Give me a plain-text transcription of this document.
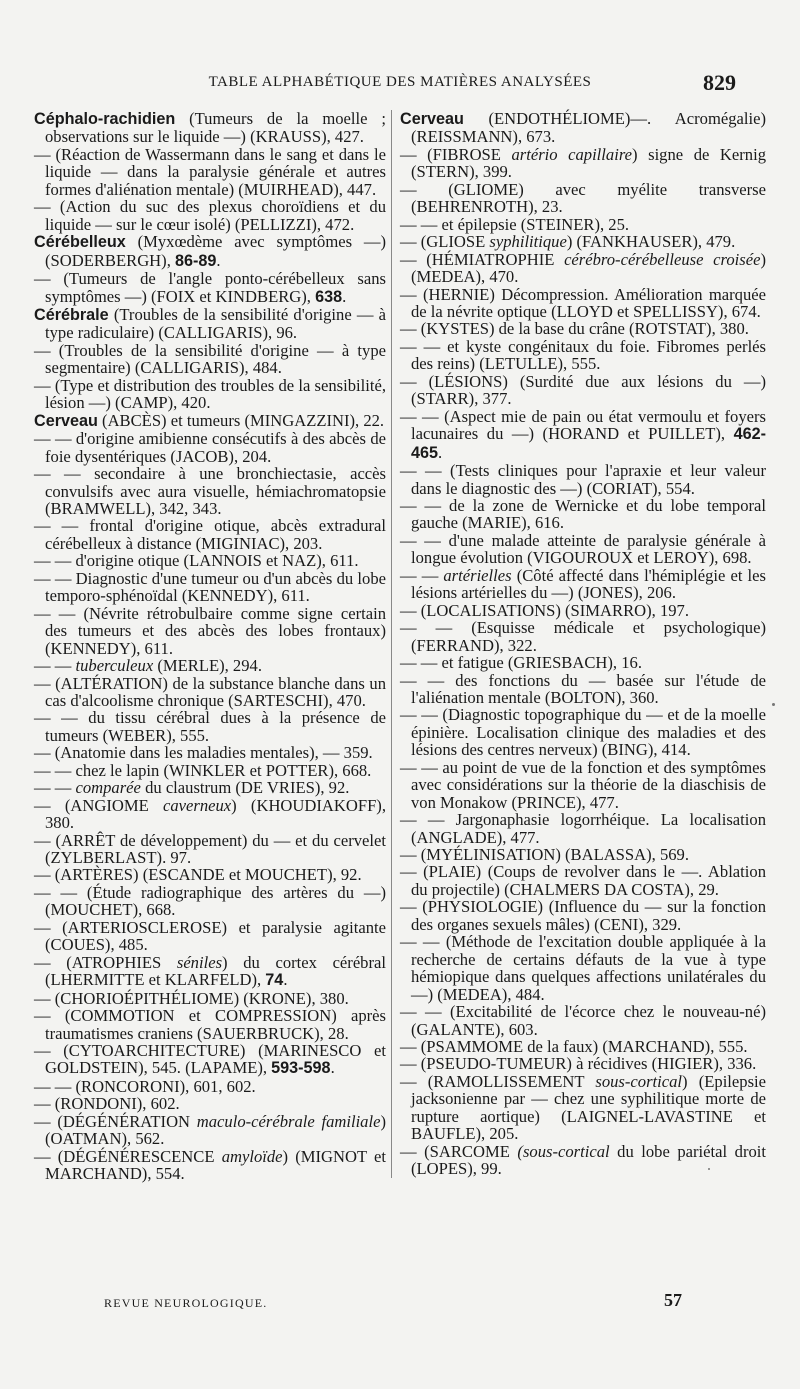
TABLE ALPHABÉTIQUE DES MATIÈRES ANALYSÉES	829

Céphalo-rachidien (Tumeurs de la moelle ; observations sur le liquide —) (KRAUSS), 427.

— (Réaction de Wassermann dans le sang et dans le liquide — dans la paralysie générale et autres formes d'aliénation mentale) (MUIRHEAD), 447.

— (Action du suc des plexus choroïdiens et du liquide — sur le cœur isolé) (PELLIZZI), 472.

Cérébelleux (Myxœdème avec symptômes —) (SODERBERGH), 86-89.

— (Tumeurs de l'angle ponto-cérébelleux sans symptômes —) (FOIX et KINDBERG), 638.

Cérébrale (Troubles de la sensibilité d'origine — à type radiculaire) (CALLIGARIS), 96.

— (Troubles de la sensibilité d'origine — à type segmentaire) (CALLIGARIS), 484.

— (Type et distribution des troubles de la sensibilité, lésion —) (CAMP), 420.

Cerveau (ABCÈS) et tumeurs (MINGAZZINI), 22.

— — d'origine amibienne consécutifs à des abcès de foie dysentériques (JACOB), 204.

— — secondaire à une bronchiectasie, accès convulsifs avec aura visuelle, hémiachromatopsie (BRAMWELL), 342, 343.

— — frontal d'origine otique, abcès extradural cérébelleux à distance (MIGINIAC), 203.

— — d'origine otique (LANNOIS et NAZ), 611.

— — Diagnostic d'une tumeur ou d'un abcès du lobe temporo-sphénoïdal (KENNEDY), 611.

— — (Névrite rétrobulbaire comme signe certain des tumeurs et des abcès des lobes frontaux) (KENNEDY), 611.

— — tuberculeux (MERLE), 294.

— (ALTÉRATION) de la substance blanche dans un cas d'alcoolisme chronique (SARTESCHI), 470.

— — du tissu cérébral dues à la présence de tumeurs (WEBER), 555.

— (Anatomie dans les maladies mentales), — 359.

— — chez le lapin (WINKLER et POTTER), 668.

— — comparée du claustrum (DE VRIES), 92.

— (ANGIOME caverneux) (KHOUDIAKOFF), 380.

— (ARRÊT de développement) du — et du cervelet (ZYLBERLAST). 97.

— (ARTÈRES) (ESCANDE et MOUCHET), 92.

— — (Étude radiographique des artères du —) (MOUCHET), 668.

— (ARTERIOSCLEROSE) et paralysie agitante (COUES), 485.

— (ATROPHIES séniles) du cortex cérébral (LHERMITTE et KLARFELD), 74.

— (CHORIOÉPITHÉLIOME) (KRONE), 380.

— (COMMOTION et COMPRESSION) après traumatismes craniens (SAUERBRUCK), 28.

— (CYTOARCHITECTURE) (MARINESCO et GOLDSTEIN), 545. (LAPAME), 593-598.

— — (RONCORONI), 601, 602.

— (RONDONI), 602.

— (DÉGÉNÉRATION maculo-cérébrale familiale) (OATMAN), 562.

— (DÉGÉNÉRESCENCE amyloïde) (MIGNOT et MARCHAND), 554.

Cerveau (ENDOTHÉLIOME)—. Acromégalie) (REISSMANN), 673.

— (FIBROSE artério capillaire) signe de Kernig (STERN), 399.

— (GLIOME) avec myélite transverse (BEHRENROTH), 23.

— — et épilepsie (STEINER), 25.

— (GLIOSE syphilitique) (FANKHAUSER), 479.

— (HÉMIATROPHIE cérébro-cérébelleuse croisée) (MEDEA), 470.

— (HERNIE) Décompression. Amélioration marquée de la névrite optique (LLOYD et SPELLISSY), 674.

— (KYSTES) de la base du crâne (ROTSTAT), 380.

— — et kyste congénitaux du foie. Fibromes perlés des reins) (LETULLE), 555.

— (LÉSIONS) (Surdité due aux lésions du —) (STARR), 377.

— — (Aspect mie de pain ou état vermoulu et foyers lacunaires du —) (HORAND et PUILLET), 462-465.

— — (Tests cliniques pour l'apraxie et leur valeur dans le diagnostic des —) (CORIAT), 554.

— — de la zone de Wernicke et du lobe temporal gauche (MARIE), 616.

— — d'une malade atteinte de paralysie générale à longue évolution (VIGOUROUX et LEROY), 698.

— — artérielles (Côté affecté dans l'hémiplégie et les lésions artérielles du —) (JONES), 206.

— (LOCALISATIONS) (SIMARRO), 197.

— — (Esquisse médicale et psychologique) (FERRAND), 322.

— — et fatigue (GRIESBACH), 16.

— — des fonctions du — basée sur l'étude de l'aliénation mentale (BOLTON), 360.

— — (Diagnostic topographique du — et de la moelle épinière. Localisation clinique des maladies et des lésions des centres nerveux) (BING), 414.

— — au point de vue de la fonction et des symptômes avec considérations sur la théorie de la diaschisis de von Monakow (PRINCE), 477.

— — Jargonaphasie logorrhéique. La localisation (ANGLADE), 477.

— (MYÉLINISATION) (BALASSA), 569.

— (PLAIE) (Coups de revolver dans le —. Ablation du projectile) (CHALMERS DA COSTA), 29.

— (PHYSIOLOGIE) (Influence du — sur la fonction des organes sexuels mâles) (CENI), 329.

— — (Méthode de l'excitation double appliquée à la recherche de certains défauts de la vue à type hémiopique dans quelques affections unilatérales du —) (MEDEA), 484.

— — (Excitabilité de l'écorce chez le nouveau-né) (GALANTE), 603.

— (PSAMMOME de la faux) (MARCHAND), 555.

— (PSEUDO-TUMEUR) à récidives (HIGIER), 336.

— (RAMOLLISSEMENT sous-cortical) (Epilepsie jacksonienne par — chez une syphilitique morte de rupture aortique) (LAIGNEL-LAVASTINE et BAUFLE), 205.

— (SARCOME (sous-cortical du lobe pariétal droit (LOPES), 99.

REVUE NEUROLOGIQUE.	57
